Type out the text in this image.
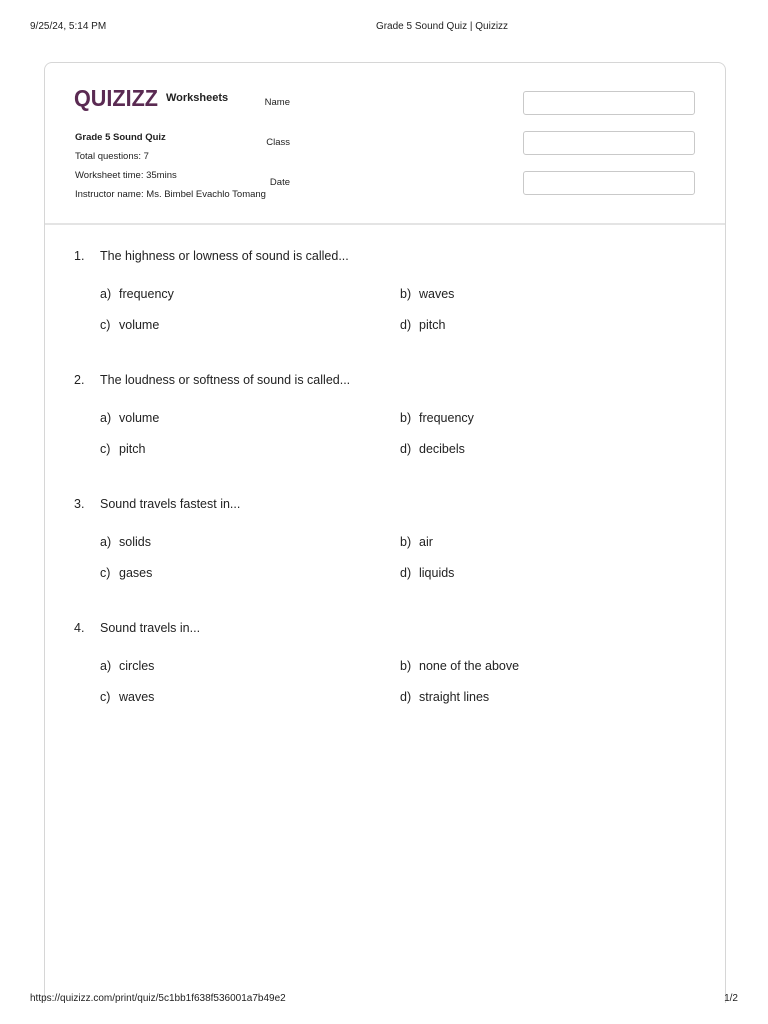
9/25/24, 5:14 PM	Grade 5 Sound Quiz | Quizizz
QUIZIZZ Worksheets
Grade 5 Sound Quiz
Total questions: 7
Worksheet time: 35mins
Instructor name: Ms. Bimbel Evachlo Tomang
Name
Class
Date
1. The highness or lowness of sound is called...
a) frequency	b) waves
c) volume	d) pitch
2. The loudness or softness of sound is called...
a) volume	b) frequency
c) pitch	d) decibels
3. Sound travels fastest in...
a) solids	b) air
c) gases	d) liquids
4. Sound travels in...
a) circles	b) none of the above
c) waves	d) straight lines
https://quizizz.com/print/quiz/5c1bb1f638f536001a7b49e2	1/2
